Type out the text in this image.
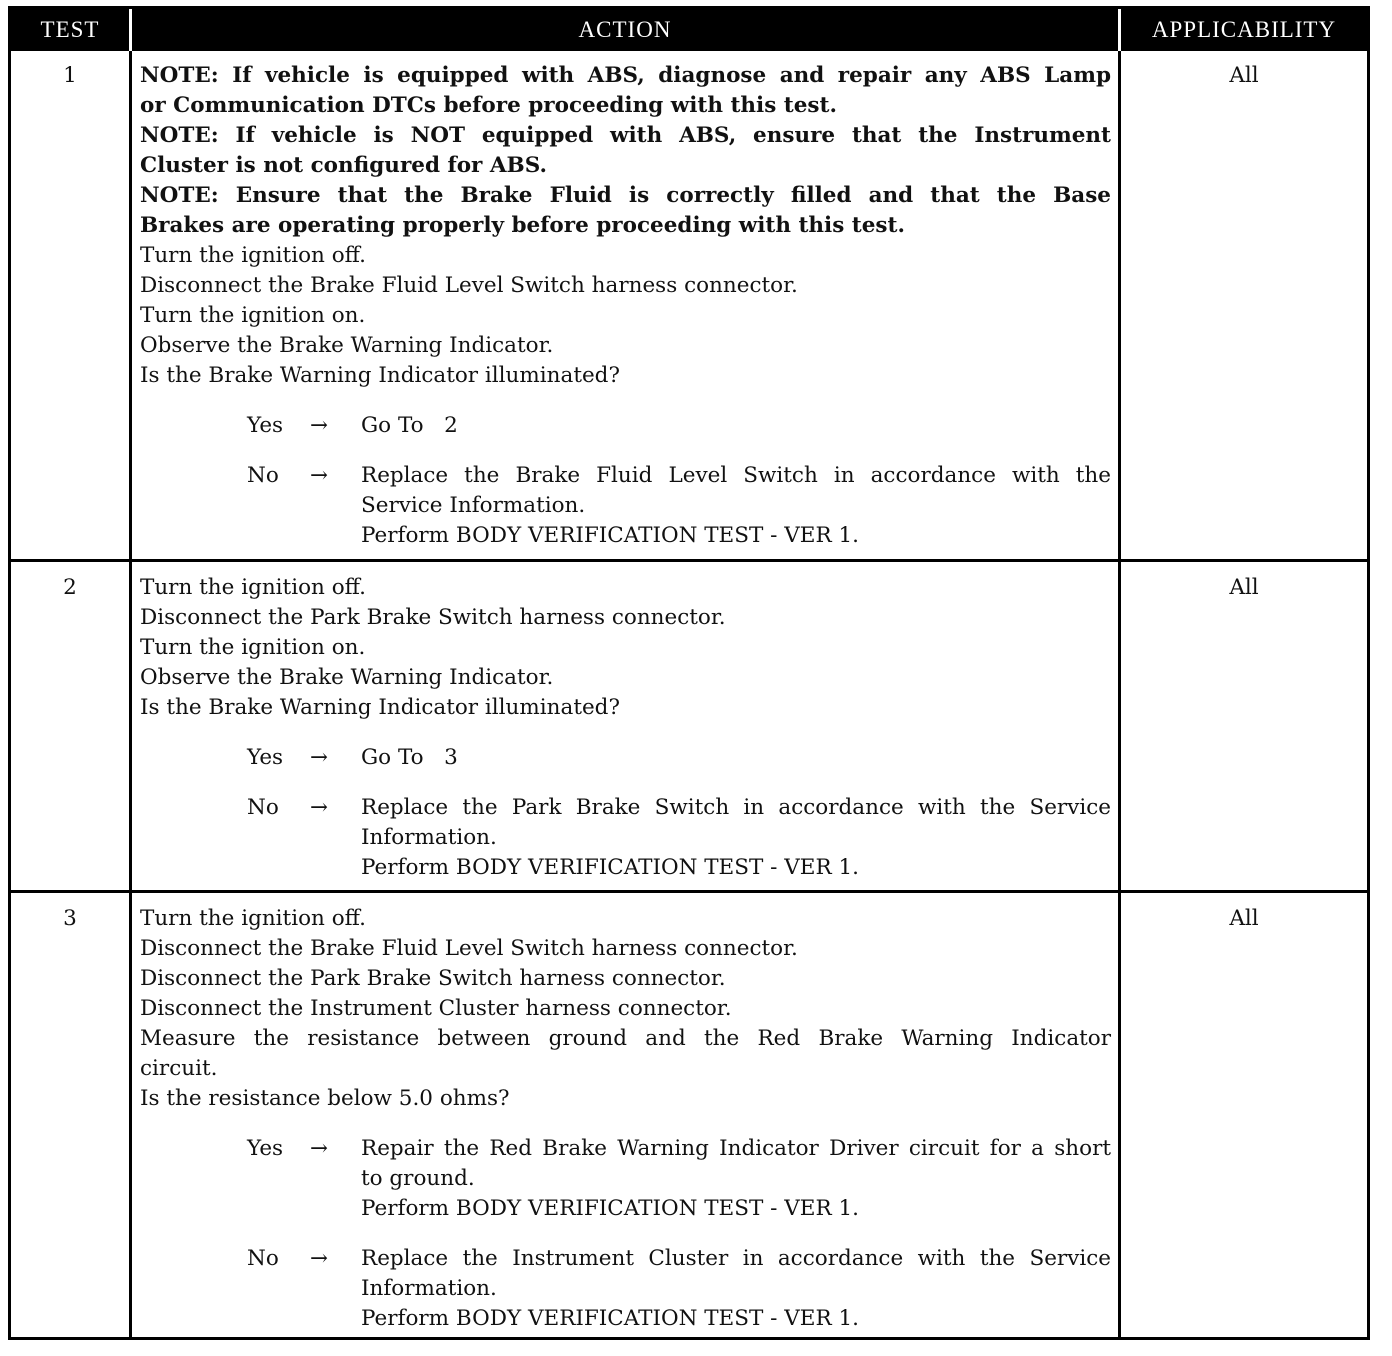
TEST	ACTION	APPLICABILITY
1	NOTE: If vehicle is equipped with ABS, diagnose and repair any ABS Lamp
or Communication DTCs before proceeding with this test.
NOTE: If vehicle is NOT equipped with ABS, ensure that the Instrument
Cluster is not configured for ABS.
NOTE: Ensure that the Brake Fluid is correctly filled and that the Base
Brakes are operating properly before proceeding with this test.
Turn the ignition off.
Disconnect the Brake Fluid Level Switch harness connector.
Turn the ignition on.
Observe the Brake Warning Indicator.
Is the Brake Warning Indicator illuminated?
Yes → Go To   2
No → Replace the Brake Fluid Level Switch in accordance with the
Service Information.
Perform BODY VERIFICATION TEST - VER 1.
All
2	Turn the ignition off.
Disconnect the Park Brake Switch harness connector.
Turn the ignition on.
Observe the Brake Warning Indicator.
Is the Brake Warning Indicator illuminated?
Yes → Go To   3
No → Replace the Park Brake Switch in accordance with the Service
Information.
Perform BODY VERIFICATION TEST - VER 1.
All
3	Turn the ignition off.
Disconnect the Brake Fluid Level Switch harness connector.
Disconnect the Park Brake Switch harness connector.
Disconnect the Instrument Cluster harness connector.
Measure the resistance between ground and the Red Brake Warning Indicator
circuit.
Is the resistance below 5.0 ohms?
Yes → Repair the Red Brake Warning Indicator Driver circuit for a short
to ground.
Perform BODY VERIFICATION TEST - VER 1.
No → Replace the Instrument Cluster in accordance with the Service
Information.
Perform BODY VERIFICATION TEST - VER 1.
All
